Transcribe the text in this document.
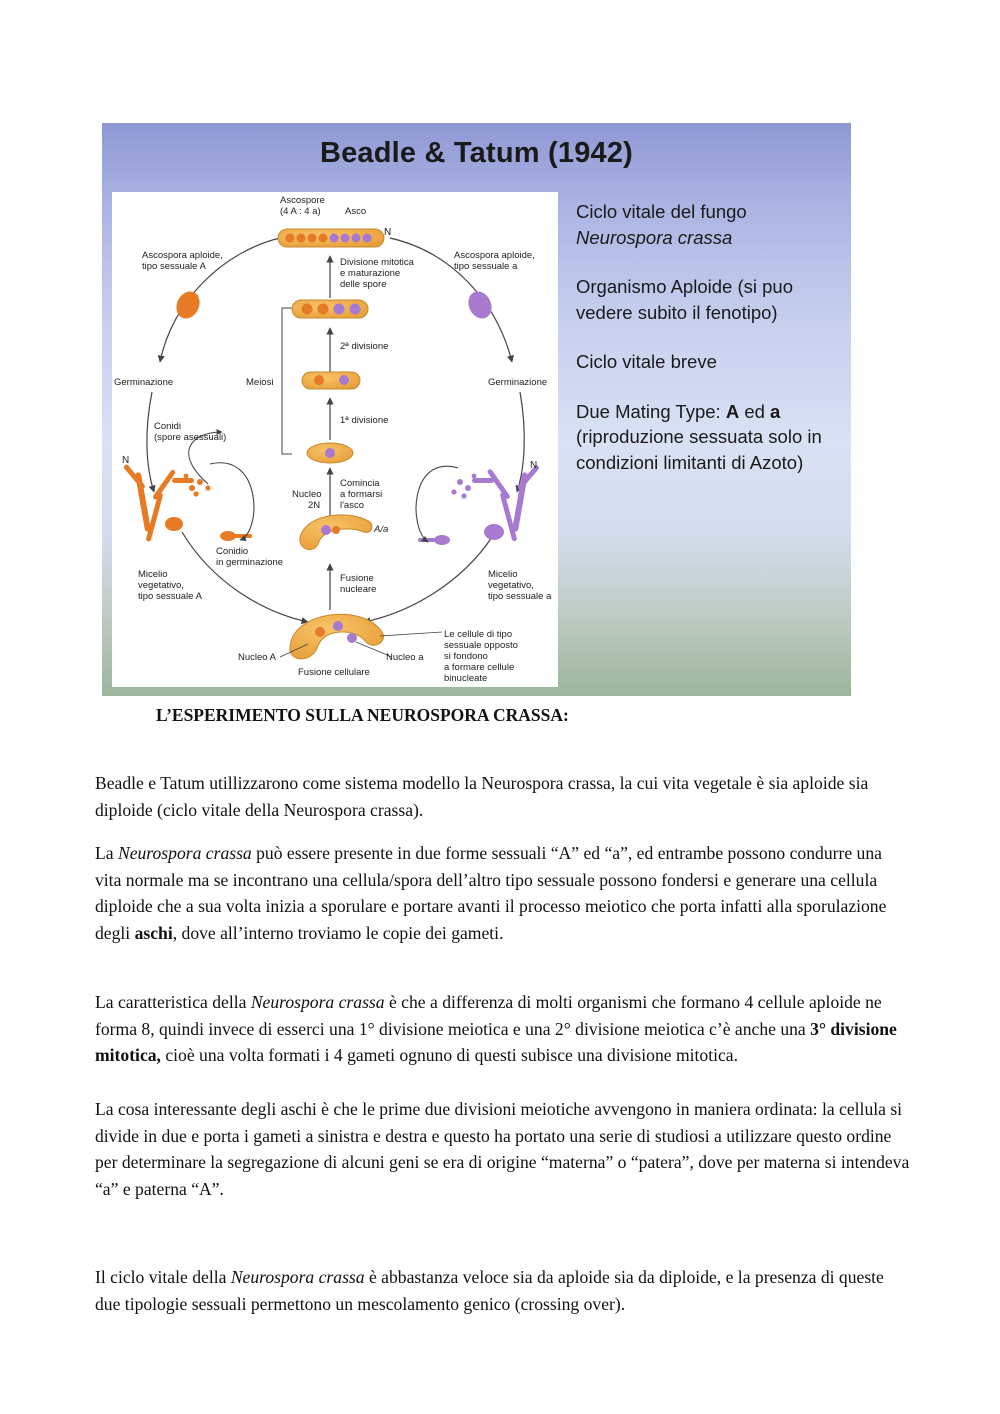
Beadle & Tatum (1942)
Ascospore
(4 A : 4 a)	Asco
N
Ascospora aploide,
tipo sessuale A
Ascospora aploide,
tipo sessuale a
Divisione mitotica
e maturazione
delle spore
2ª divisione
Germinazione	Meiosi	Germinazione
1ª divisione
Conidi
(spore asessuali)
N	N
Nucleo
2N
Comincia
a formarsi
l'asco
A/a
Conidio
in germinazione
Micelio
vegetativo,
tipo sessuale A
Fusione
nucleare
Micelio
vegetativo,
tipo sessuale a
Le cellule di tipo
sessuale opposto
si fondono
a formare cellule
binucleate
Nucleo A	Nucleo a
Fusione cellulare

Ciclo vitale del fungo
Neurospora crassa

Organismo Aploide (si puo vedere subito il fenotipo)

Ciclo vitale breve

Due Mating Type: A ed a (riproduzione sessuata solo in condizioni limitanti di Azoto)

L’ESPERIMENTO SULLA NEUROSPORA CRASSA:

Beadle e Tatum utillizzarono come sistema modello la Neurospora crassa, la cui vita vegetale è sia aploide sia diploide (ciclo vitale della Neurospora crassa).

La Neurospora crassa può essere presente in due forme sessuali “A” ed “a”, ed entrambe possono condurre una vita normale ma se incontrano una cellula/spora dell’altro tipo sessuale possono fondersi e generare una cellula diploide che a sua volta inizia a sporulare e portare avanti il processo meiotico che porta infatti alla sporulazione degli aschi, dove all’interno troviamo le copie dei gameti.

La caratteristica della Neurospora crassa è che a differenza di molti organismi che formano 4 cellule aploide ne forma 8, quindi invece di esserci una 1° divisione meiotica e una 2° divisione meiotica c’è anche una 3° divisione mitotica, cioè una volta formati i 4 gameti ognuno di questi subisce una divisione mitotica.

La cosa interessante degli aschi è che le prime due divisioni meiotiche avvengono in maniera ordinata: la cellula si divide in due e porta i gameti a sinistra e destra e questo ha portato una serie di studiosi a utilizzare questo ordine per determinare la segregazione di alcuni geni se era di origine “materna” o “patera”, dove per materna si intendeva “a” e paterna “A”.

Il ciclo vitale della Neurospora crassa è abbastanza veloce sia da aploide sia da diploide, e la presenza di queste due tipologie sessuali permettono un mescolamento genico (crossing over).
